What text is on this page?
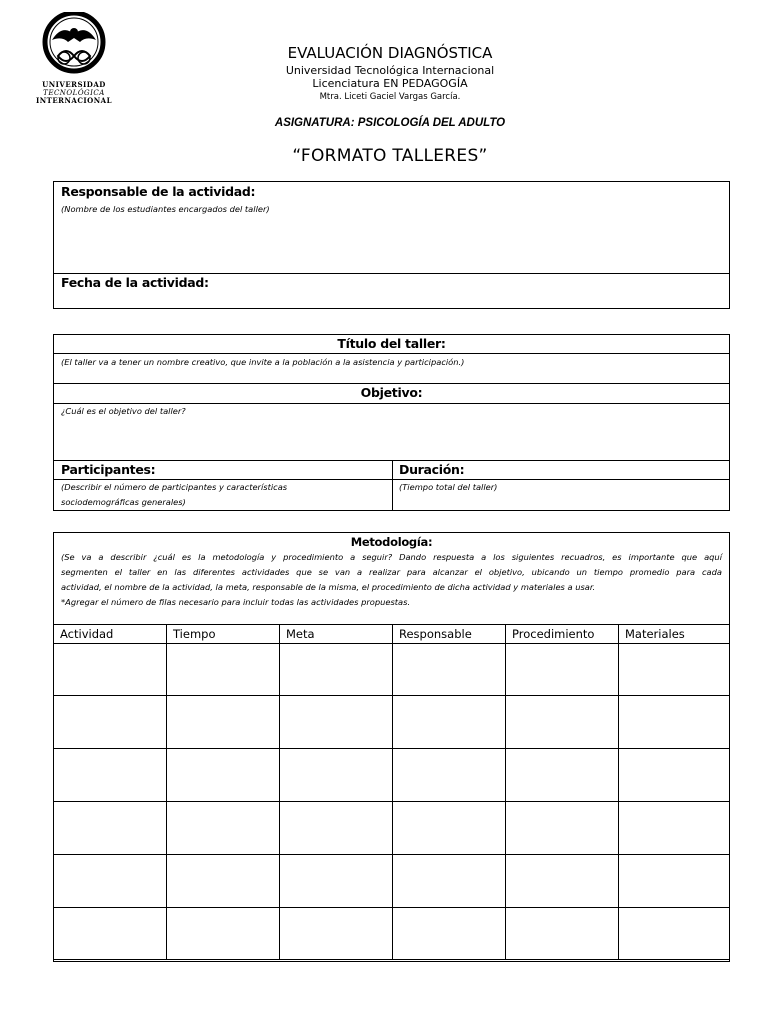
UNIVERSIDAD
TECNOLÓGICA
INTERNACIONAL
EVALUACIÓN DIAGNÓSTICA
Universidad Tecnológica Internacional
Licenciatura EN PEDAGOGÍA
Mtra. Liceti Gaciel Vargas García.
ASIGNATURA: PSICOLOGÍA DEL ADULTO
“FORMATO TALLERES”
Responsable de la actividad:
(Nombre de los estudiantes encargados del taller)
Fecha de la actividad:
Título del taller:
(El taller va a tener un nombre creativo, que invite a la población a la asistencia y participación.)
Objetivo:
¿Cuál es el objetivo del taller?
Participantes:	Duración:
(Describir el número de participantes y características
sociodemográficas generales)
(Tiempo total del taller)
Metodología:
(Se va a describir ¿cuál es la metodología y procedimiento a seguir? Dando respuesta a los siguientes recuadros, es importante que aquí
segmenten el taller en las diferentes actividades que se van a realizar para alcanzar el objetivo, ubicando un tiempo promedio para cada
actividad, el nombre de la actividad, la meta, responsable de la misma, el procedimiento de dicha actividad y materiales a usar.
*Agregar el número de filas necesario para incluir todas las actividades propuestas.
Actividad	Tiempo	Meta	Responsable	Procedimiento	Materiales
